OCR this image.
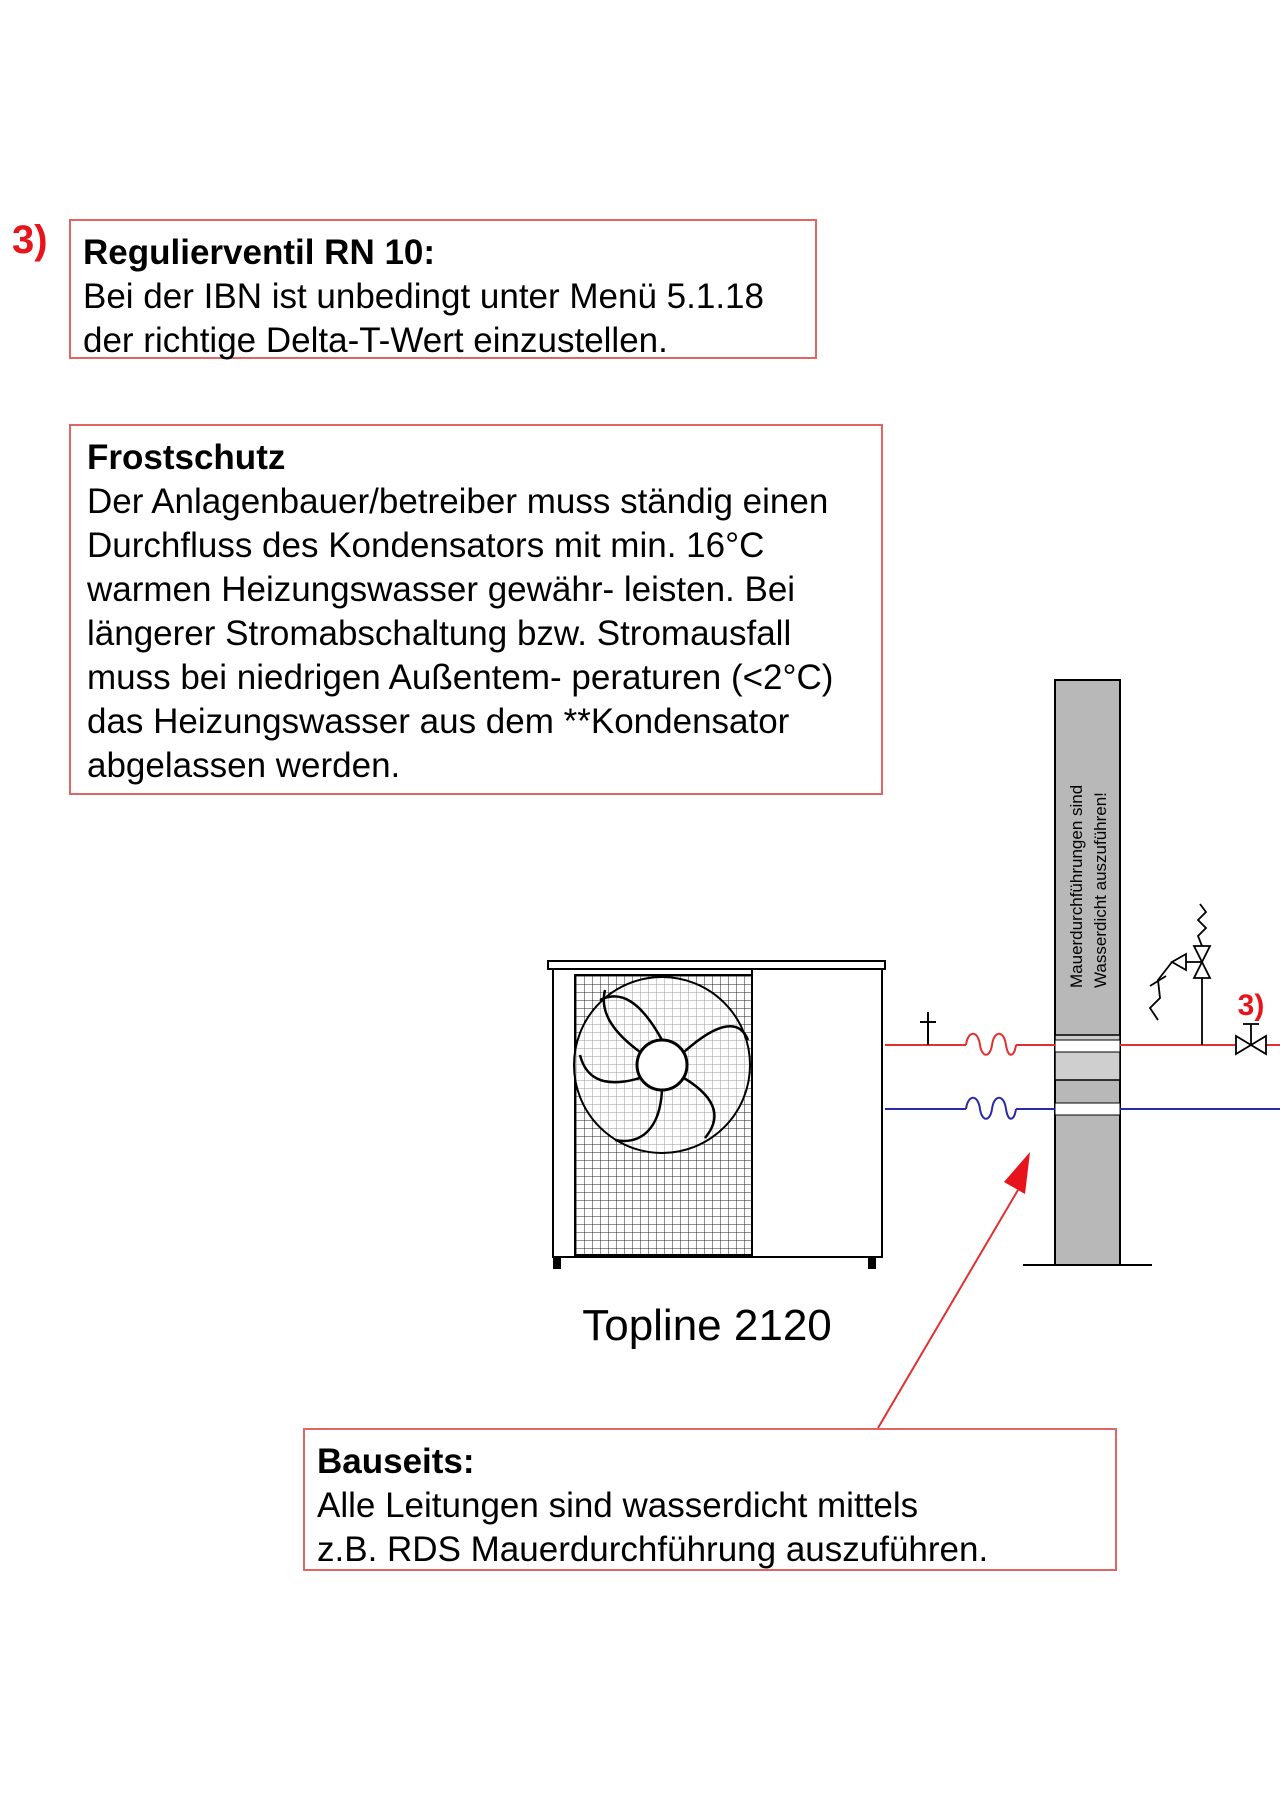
3) Regulierventil RN 10:
Bei der IBN ist unbedingt unter Menü 5.1.18
der richtige Delta-T-Wert einzustellen.
Frostschutz
Der Anlagenbauer/betreiber muss ständig einen
Durchfluss des Kondensators mit min. 16°C
warmen Heizungswasser gewähr- leisten. Bei
längerer Stromabschaltung bzw. Stromausfall
muss bei niedrigen Außentem- peraturen (<2°C)
das Heizungswasser aus dem **Kondensator
abgelassen werden.
Bauseits:
Alle Leitungen sind wasserdicht mittels
z.B. RDS Mauerdurchführung auszuführen.
Topline 2120
Mauerdurchführungen sind Wasserdicht auszuführen!
3)
